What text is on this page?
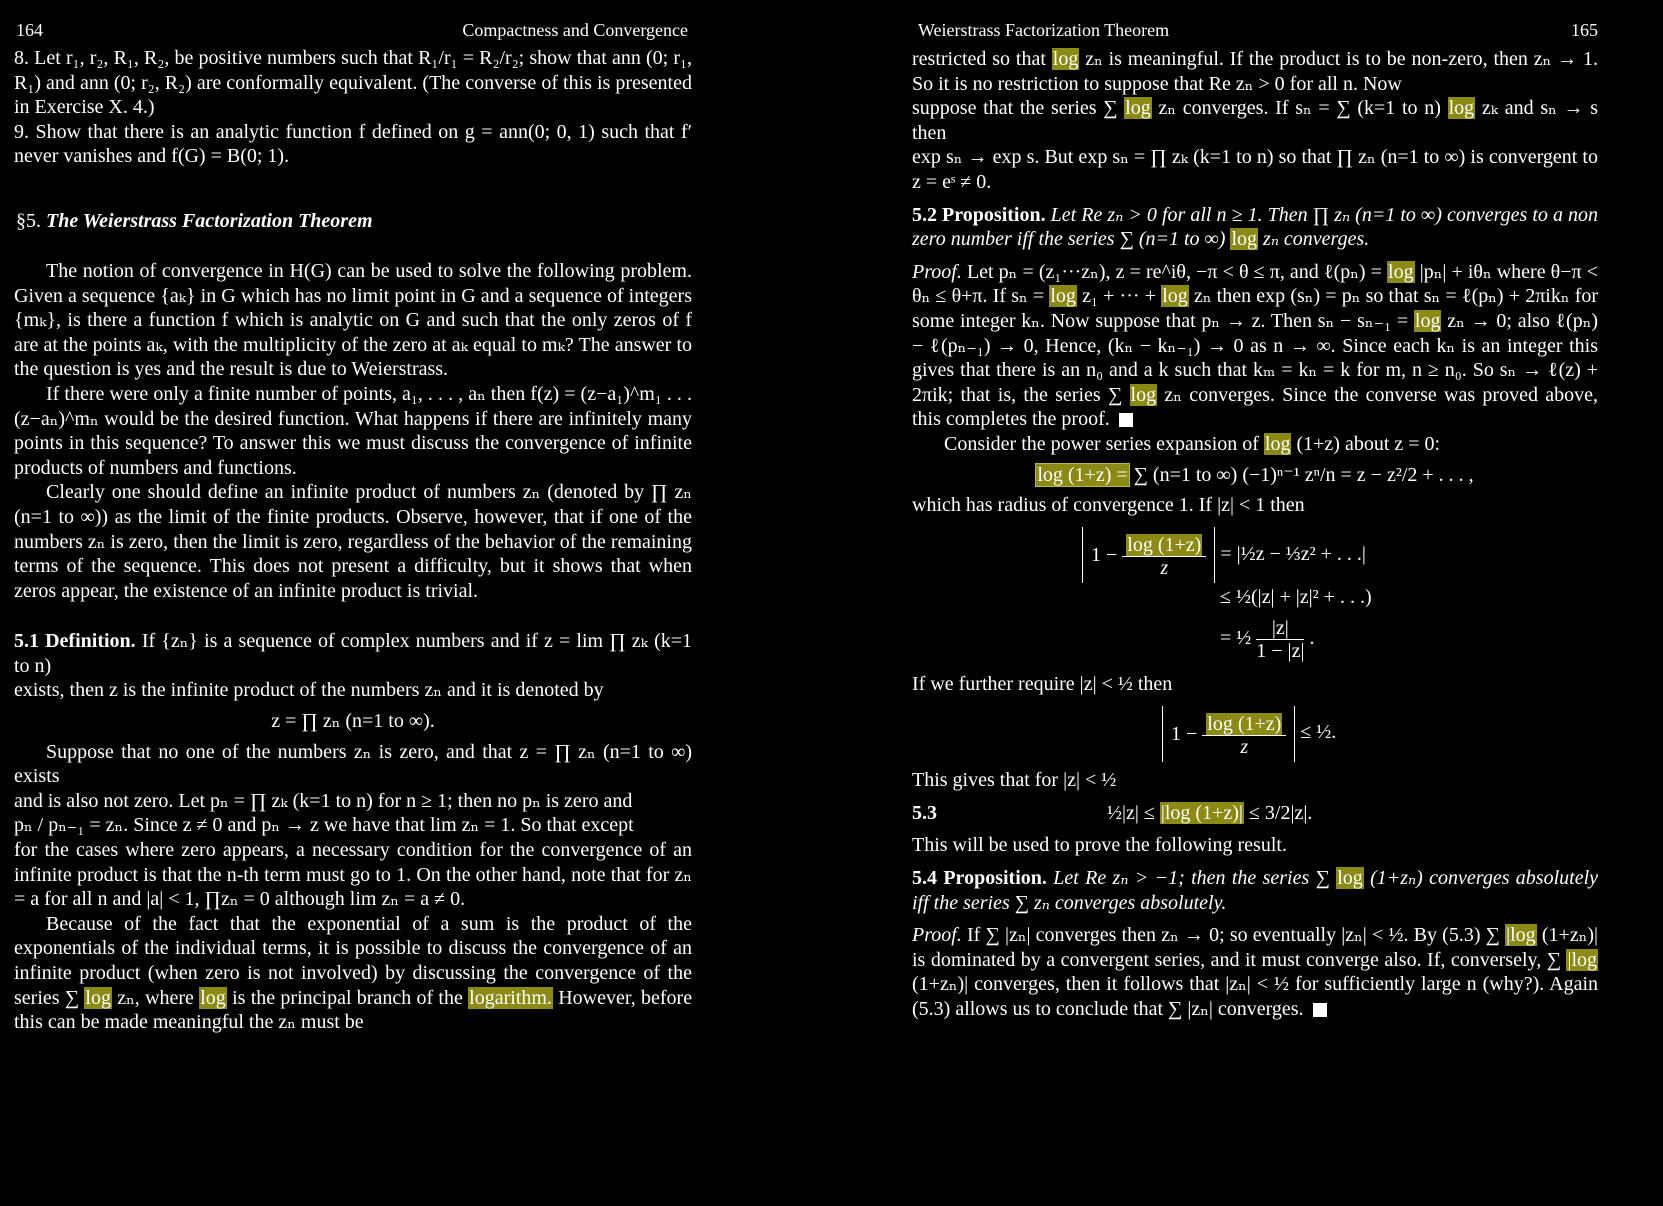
164	Compactness and Convergence

8. Let r₁, r₂, R₁, R₂, be positive numbers such that R₁/r₁ = R₂/r₂; show that ann (0; r₁, R₁) and ann (0; r₂, R₂) are conformally equivalent. (The converse of this is presented in Exercise X. 4.)

9. Show that there is an analytic function f defined on g = ann(0; 0, 1) such that f′ never vanishes and f(G) = B(0; 1).

§5. The Weierstrass Factorization Theorem

The notion of convergence in H(G) can be used to solve the following problem. Given a sequence {aₖ} in G which has no limit point in G and a sequence of integers {mₖ}, is there a function f which is analytic on G and such that the only zeros of f are at the points aₖ, with the multiplicity of the zero at aₖ equal to mₖ? The answer to the question is yes and the result is due to Weierstrass.

If there were only a finite number of points, a₁, . . . , aₙ then f(z) = (z−a₁)^m₁ . . . (z−aₙ)^mₙ would be the desired function. What happens if there are infinitely many points in this sequence? To answer this we must discuss the convergence of infinite products of numbers and functions.

Clearly one should define an infinite product of numbers zₙ (denoted by ∏ zₙ (n=1 to ∞)) as the limit of the finite products. Observe, however, that if one of the numbers zₙ is zero, then the limit is zero, regardless of the behavior of the remaining terms of the sequence. This does not present a difficulty, but it shows that when zeros appear, the existence of an infinite product is trivial.

5.1 Definition. If {zₙ} is a sequence of complex numbers and if z = lim ∏ zₖ (k=1 to n)

exists, then z is the infinite product of the numbers zₙ and it is denoted by

z = ∏ zₙ (n=1 to ∞).

Suppose that no one of the numbers zₙ is zero, and that z = ∏ zₙ (n=1 to ∞) exists

and is also not zero. Let pₙ = ∏ zₖ (k=1 to n) for n ≥ 1; then no pₙ is zero and

pₙ / pₙ₋₁ = zₙ. Since z ≠ 0 and pₙ → z we have that lim zₙ = 1. So that except

for the cases where zero appears, a necessary condition for the convergence of an infinite product is that the n-th term must go to 1. On the other hand, note that for zₙ = a for all n and |a| < 1, ∏zₙ = 0 although lim zₙ = a ≠ 0.

Because of the fact that the exponential of a sum is the product of the exponentials of the individual terms, it is possible to discuss the convergence of an infinite product (when zero is not involved) by discussing the convergence of the series ∑ log zₙ, where log is the principal branch of the logarithm. However, before this can be made meaningful the zₙ must be

Weierstrass Factorization Theorem	165

restricted so that log zₙ is meaningful. If the product is to be non-zero, then zₙ → 1. So it is no restriction to suppose that Re zₙ > 0 for all n. Now

suppose that the series ∑ log zₙ converges. If sₙ = ∑ (k=1 to n) log zₖ and sₙ → s then

exp sₙ → exp s. But exp sₙ = ∏ zₖ (k=1 to n) so that ∏ zₙ (n=1 to ∞) is convergent to z = eˢ ≠ 0.

5.2 Proposition. Let Re zₙ > 0 for all n ≥ 1. Then ∏ zₙ (n=1 to ∞) converges to a non zero number iff the series ∑ (n=1 to ∞) log zₙ converges.

Proof. Let pₙ = (z₁···zₙ), z = re^iθ, −π < θ ≤ π, and ℓ(pₙ) = log |pₙ| + iθₙ where θ−π < θₙ ≤ θ+π. If sₙ = log z₁ + ··· + log zₙ then exp (sₙ) = pₙ so that sₙ = ℓ(pₙ) + 2πikₙ for some integer kₙ. Now suppose that pₙ → z. Then sₙ − sₙ₋₁ = log zₙ → 0; also ℓ(pₙ) − ℓ(pₙ₋₁) → 0, Hence, (kₙ − kₙ₋₁) → 0 as n → ∞. Since each kₙ is an integer this gives that there is an n₀ and a k such that kₘ = kₙ = k for m, n ≥ n₀. So sₙ → ℓ(z) + 2πik; that is, the series ∑ log zₙ converges. Since the converse was proved above, this completes the proof.

Consider the power series expansion of log (1+z) about z = 0:

log (1+z) = ∑ (n=1 to ∞) (−1)ⁿ⁻¹ zⁿ/n = z − z²/2 + . . . ,

which has radius of convergence 1. If |z| < 1 then

$1 - \frac{\log (1+z)}{z}$ = |½z − ⅓z² + . . .|
≤ ½(|z| + |z|² + . . .)
= ½ $\frac{|z|}{1 - |z|}$ .

If we further require |z| < ½ then

$1 - \frac{\log (1+z)}{z}$ ≤ ½.

This gives that for |z| < ½

5.3	½|z| ≤ |log (1+z)| ≤ 3/2|z|.

This will be used to prove the following result.

5.4 Proposition. Let Re zₙ > −1; then the series ∑ log (1+zₙ) converges absolutely iff the series ∑ zₙ converges absolutely.

Proof. If ∑ |zₙ| converges then zₙ → 0; so eventually |zₙ| < ½. By (5.3) ∑ |log (1+zₙ)| is dominated by a convergent series, and it must converge also. If, conversely, ∑ |log (1+zₙ)| converges, then it follows that |zₙ| < ½ for sufficiently large n (why?). Again (5.3) allows us to conclude that ∑ |zₙ| converges.
